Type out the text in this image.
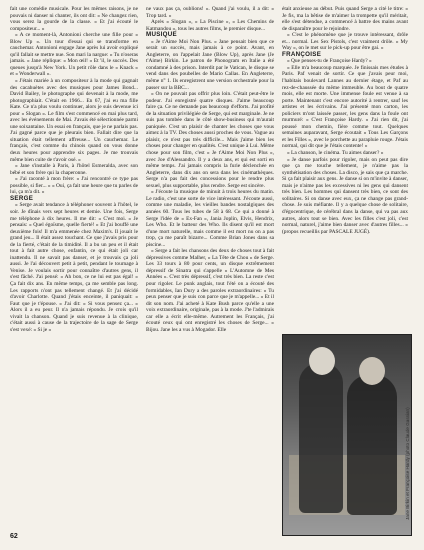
fait une comédie musicale. Pour les mêmes raisons, je ne pouvais ni danser ni chanter, ils ont dit: « Ne changez rien, vous serez la gourde de la classe. » Et j'ai écouté le compositeur... »

« A ce moment-là, Antonioni cherche une fille pour « Blow Up ». Un tour d'essai qui se transforme en cauchemar. Antonioni engage Jane après lui avoir expliqué qu'il fallait se mettre nue. Son mari la nargue: « Tu n'oseras jamais. » Jane réplique: « Mon œil! » Et 'il, le succès. Des queues jusqu'à New York. Un petit rôle dans le « Knack » et « Wonderwall ».

« J'étais mariée à un compositeur à la mode qui gagnait des cacahuètes avec des musiques pour James Bond... David Bailey, le photographe qui devenait à la mode, me photographiait. C'était en 1966... En 67, j'ai eu ma fille Kate. Ce n'a plus voulu continuer, alors je suis devenue ici pour « Slogan ». Le film s'est commencé en mai plus tard, avec les événements de Mai. J'avais été sélectionnée parmi une soixantaine. Un essai en français, que je ne parlais pas. J'ai gagné parce que je pleurais bien. Fallait dire que la situation était tellement affreuse... Un cauchemar. Le français, c'est comme du chinois quand on vous donne deux heures pour apprendre six pages. Je me trouvais même bien cuite de t'avoir osé. »

« Jane s'installe à Paris, à l'hôtel Esmeralda, avec son bébé et son frère qui la chaperonne.

« J'ai raconté à mon frère: « J'ai rencontré ce type pas possible, si fier... » « Oui, ça fait une heure que tu parles de lui, ça m'a dit. »

SERGE

« Serge avait tendance à téléphoner souvent à l'hôtel, le soir. Je dînais vers sept heures et demie. Une fois, Serge me téléphone à dix heures. Il me dit: « C'est moi. » Je pensais: « Quel égoïsme, quelle fierté! » Et j'ai bouffé une deuxième fois! Il m'a emmenée chez Maxim's. Il jouait le grand jeu... Il était assez touchant. Ce que j'avais pris pour de la fierté, c'était de la timidité. Il a bu un peu et il était tout à fait autre chose, enfantin, ce qui était joli car inattendu. Il ne savait pas danser, et je trouvais ça joli aussi. Je l'ai découvert petit à petit, pendant le tournage à Venise. Je voulais sortir pour connaître d'autres gens, il s'est fâché. J'ai pensé: « Ah bon, ce ne lui est pas égal! » Ça fait dix ans. En même temps, ça me semble pas long. Les rapports n'ont pas tellement changé. Et j'ai décidé d'avoir Charlotte. Quand j'étais enceinte, il paniquait: « Faut que je t'épouse. » J'ai dit: « Si vous pensez ça... » Alors il a eu peur. Il n'a jamais répondu. Je crois qu'il vivait la chanson. Quand je suis revenue à la clinique, c'était aussi à cause de la trajectoire de la sage de Serge s'est vexé: « Si je »

ne vaux pas ça, oublions! ». Quand j'ai voulu, il a dit: « Trop tard. »

Après « Slogan », « La Piscine », « Les Chemins de Katmandou », tous les autres films, le premier disque...

MUSIQUE

« Je t'Aime Moi Non Plus. » Jane pensait bien que ce serait un succès, mais jamais à ce point. Avant, en Angleterre, on l'appelait Jane (Blow Up), après Jane (Je t'Aime) Birkin. Le patron de Phonogram en Italie a été condamné à des prison. Interdit par le Vatican, le disque se vend dans des poubelles de Mario Callas. En Angleterre, même n° 1. Ils enregistrent une version orchestrale pour la passer sur la BBC...

« On ne pouvait pas offrir plus loin. C'était peut-être le pudeur. J'ai enregistré quatre disques. J'aime beaucoup faire ça. Ce ne demande pas beaucoup d'efforts. J'ai profité de la situation privilégiée de Serge, qui est marginale. Je ne suis pas tombée dans le côté show-business qui m'aurait paniquée. C'est un plaisir de chanter les choses que vous aimez à la TV. Des choses aussi proches de vous. Vague au plaisir, ce n'est pas très difficile... Mais j'aime bien les choses pour changer en qualités. C'est unique à Lui. Même chose pour son film, c'est « Je t'Aime Moi Non Plus », avec Joe d'Alessandro. Il y a deux ans, et qui est sorti en même temps. J'ai jamais compris la furie déclenchée en Angleterre, dans dix ans on sera dans les cinémathèques. Serge n'a pas fait des concessions pour le rendre plus sexuel, plus supportable, plus rendre. Serge est sincère.

« J'écoute la musique de minuit à trois heures du matin. Le radio, c'est une sorte de vice intéressant. J'écoute aussi, comme une maladie, les vieilles bandes nostalgiques des années 60. Tous les tubes de 58 à 68. Ce qui a donné à Serge l'idée de « Ex-Fan », Jania Joplin, Elvis, Hendrix, Les Who. Et le batteur des Who. Ils disent qu'il est mort d'une mort naturelle, mais comme il est mort nu on a pas trop, ça me paraît bizarre... Comme Brian Jones dans sa piscine...

« Serge a fait les chansons des deux de choses tout à fait dépressives comme Malher, « La Tête de Chou » de Serge. Les 33 tours à 80 pour cents, un disque extrêmement dépressif de Sinatra qui s'appelle « L'Automne de Mes Années ». C'est très dépressif, c'est très bien. La reste c'est pour rigoler. Le punk anglais, tout l'été on a écouté des formidables, Ian Dury a des paroles extraordinaires: « Tu peux penser que je suis con parce que je m'appelle... » Et il dit son nom. J'ai acheté à Kate Bush parce qu'elle a une voix extraordinaire, originale, pas à la mode. J'te l'admirais car elle a écrit elle-même. Autrement les Français, j'ai écouté ceux qui ont enregistré les choses de Serge... » Bijou. Jane les a vus à Mogador. Elle

était anxieuse au début. Puis quand Serge a cité le titre: « Je fis, ma la bêtise de m'aimer la trompette qu'il méritait, elle s'est détendue, a commencé à battre des mains avant de disparaître pour le rejoindre.

« C'est le phénomène que je trouve intéressant, drôle et... normal. Les Sex Pistols, c'est vraiment drôle. « My Way », on le met sur le pick-up pour être gai. »

FRANÇOISE

« Que penses-tu de Françoise Hardy? »

« Elle m'a beaucoup marquée. Je finissais mes études à Paris. Paf venait de sortir. Ce que j'avais peur moi, l'habitais boulevard Lannes au dernier étage, et Paf au rez-de-chaussée du même immeuble. Au bout de quatre mois, elle est morte. Une immense foule est venue à sa porte. Maintenant c'est encore autorité à rentrer, sauf les artistes et les écrivains. J'ai présenté mon carton, les policiers m'ont laissée passer, les gens dans la foule ont murmuré: « C'est Françoise Hardy. » J'ai rien dit, j'ai poussé mon chemin, fière comme tout. Quelques semaines auparavant, Serge écoutait « Tous Les Garçons et les Filles », avec le porchette au parapluie rouge. J'étais normal, qui dit que je l'étais contente! »

« La chanson, le cinéma. Tu aimes danser? »

« Je danse parfois pour rigoler, mais on peut pas dire que ça me touche tellement, je n'aime pas la synthétisation des choses. La disco, je sais que ça marche. Si ça fait plaisir aux gens. Je danse si on m'invite à danser, mais je n'aime pas les excessives ni les gens qui dansent très bien. Les hommes qui dansent très bien, ce sont des solitaires. Si on danse avec eux, ça ne change pas grand-chose. Je suis méfiante. Il y a quelque chose de solitaire, d'égocentrique, de cérébral dans la danse, qui va pas aux autres, alors tout se bien. Avec les filles c'est joli, c'est normal, naturel, j'aime bien danser avec d'autres filles... » (propos recueillis par PASCALE JUGÉ).

Jane Birkin et Françoise Hardy (photo Claude Gassian)
62
